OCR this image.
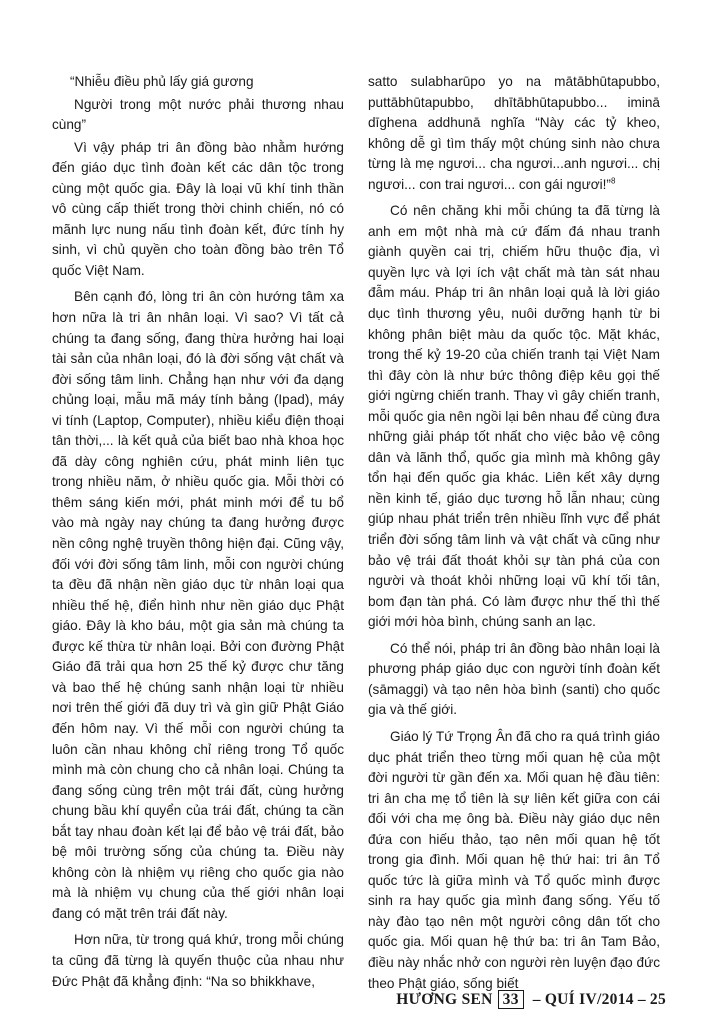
“Nhiễu điều phủ lấy giá gương

Người trong một nước phải thương nhau cùng”

Vì vậy pháp tri ân đồng bào nhằm hướng đến giáo dục tình đoàn kết các dân tộc trong cùng một quốc gia. Đây là loại vũ khí tinh thần vô cùng cấp thiết trong thời chinh chiến, nó có mãnh lực nung nấu tình đoàn kết, đức tính hy sinh, vì chủ quyền cho toàn đồng bào trên Tổ quốc Việt Nam.

Bên cạnh đó, lòng tri ân còn hướng tâm xa hơn nữa là tri ân nhân loại. Vì sao? Vì tất cả chúng ta đang sống, đang thừa hưởng hai loại tài sản của nhân loại, đó là đời sống vật chất và đời sống tâm linh. Chẳng hạn như với đa dạng chủng loại, mẫu mã máy tính bảng (Ipad), máy vi tính (Laptop, Computer), nhiều kiểu điện thoại tân thời,... là kết quả của biết bao nhà khoa học đã dày công nghiên cứu, phát minh liên tục trong nhiều năm, ở nhiều quốc gia. Mỗi thời có thêm sáng kiến mới, phát minh mới để tu bổ vào mà ngày nay chúng ta đang hưởng được nền công nghệ truyền thông hiện đại. Cũng vậy, đối với đời sống tâm linh, mỗi con người chúng ta đều đã nhận nền giáo dục từ nhân loại qua nhiều thế hệ, điển hình như nền giáo dục Phật giáo. Đây là kho báu, một gia sản mà chúng ta được kế thừa từ nhân loại. Bởi con đường Phật Giáo đã trải qua hơn 25 thế kỷ được chư tăng và bao thế hệ chúng sanh nhận loại từ nhiều nơi trên thế giới đã duy trì và gìn giữ Phật Giáo đến hôm nay. Vì thế mỗi con người chúng ta luôn cần nhau không chỉ riêng trong Tổ quốc mình mà còn chung cho cả nhân loại. Chúng ta đang sống cùng trên một trái đất, cùng hưởng chung bầu khí quyển của trái đất, chúng ta cần bắt tay nhau đoàn kết lại để bảo vệ trái đất, bảo bệ môi trường sống của chúng ta. Điều này không còn là nhiệm vụ riêng cho quốc gia nào mà là nhiệm vụ chung của thế giới nhân loại đang có mặt trên trái đất này.

Hơn nữa, từ trong quá khứ, trong mỗi chúng ta cũng đã từng là quyến thuộc của nhau như Đức Phật đã khẳng định: “Na so bhikkhave,

satto sulabharūpo yo na mātābhūtapubbo, puttābhūtapubbo, dhītābhūtapubbo... iminā dīghena addhunā nghĩa “Này các tỷ kheo, không dễ gì tìm thấy một chúng sinh nào chưa từng là mẹ ngươi... cha ngươi...anh ngươi... chị ngươi... con trai ngươi... con gái ngươi!”$^8$

Có nên chăng khi mỗi chúng ta đã từng là anh em một nhà mà cứ đấm đá nhau tranh giành quyền cai trị, chiếm hữu thuộc địa, vì quyền lực và lợi ích vật chất mà tàn sát nhau đẫm máu. Pháp tri ân nhân loại quả là lời giáo dục tình thương yêu, nuôi dưỡng hạnh từ bi không phân biệt màu da quốc tộc. Mặt khác, trong thế kỷ 19-20 của chiến tranh tại Việt Nam thì đây còn là như bức thông điệp kêu gọi thế giới ngừng chiến tranh. Thay vì gây chiến tranh, mỗi quốc gia nên ngồi lại bên nhau để cùng đưa những giải pháp tốt nhất cho việc bảo vệ công dân và lãnh thổ, quốc gia mình mà không gây tổn hại đến quốc gia khác. Liên kết xây dựng nền kinh tế, giáo dục tương hỗ lẫn nhau; cùng giúp nhau phát triển trên nhiều lĩnh vực để phát triển đời sống tâm linh và vật chất và cũng như bảo vệ trái đất thoát khỏi sự tàn phá của con người và thoát khỏi những loại vũ khí tối tân, bom đạn tàn phá. Có làm được như thế thì thế giới mới hòa bình, chúng sanh an lạc.

Có thể nói, pháp tri ân đồng bào nhân loại là phương pháp giáo dục con người tính đoàn kết (sāmaggi) và tạo nên hòa bình (santi) cho quốc gia và thế giới.

Giáo lý Tứ Trọng Ân đã cho ra quá trình giáo dục phát triển theo từng mối quan hệ của một đời người từ gần đến xa. Mối quan hệ đầu tiên: tri ân cha mẹ tổ tiên là sự liên kết giữa con cái đối với cha mẹ ông bà. Điều này giáo dục nên đứa con hiếu thảo, tạo nên mối quan hệ tốt trong gia đình. Mối quan hệ thứ hai: tri ân Tổ quốc tức là giữa mình và Tổ quốc mình được sinh ra hay quốc gia mình đang sống. Yếu tố này đào tạo nên một người công dân tốt cho quốc gia. Mối quan hệ thứ ba: tri ân Tam Bảo, điều này nhắc nhở con người rèn luyện đạo đức theo Phật giáo, sống biết

HƯƠNG SEN 33 – QUÍ IV/2014 – 25
